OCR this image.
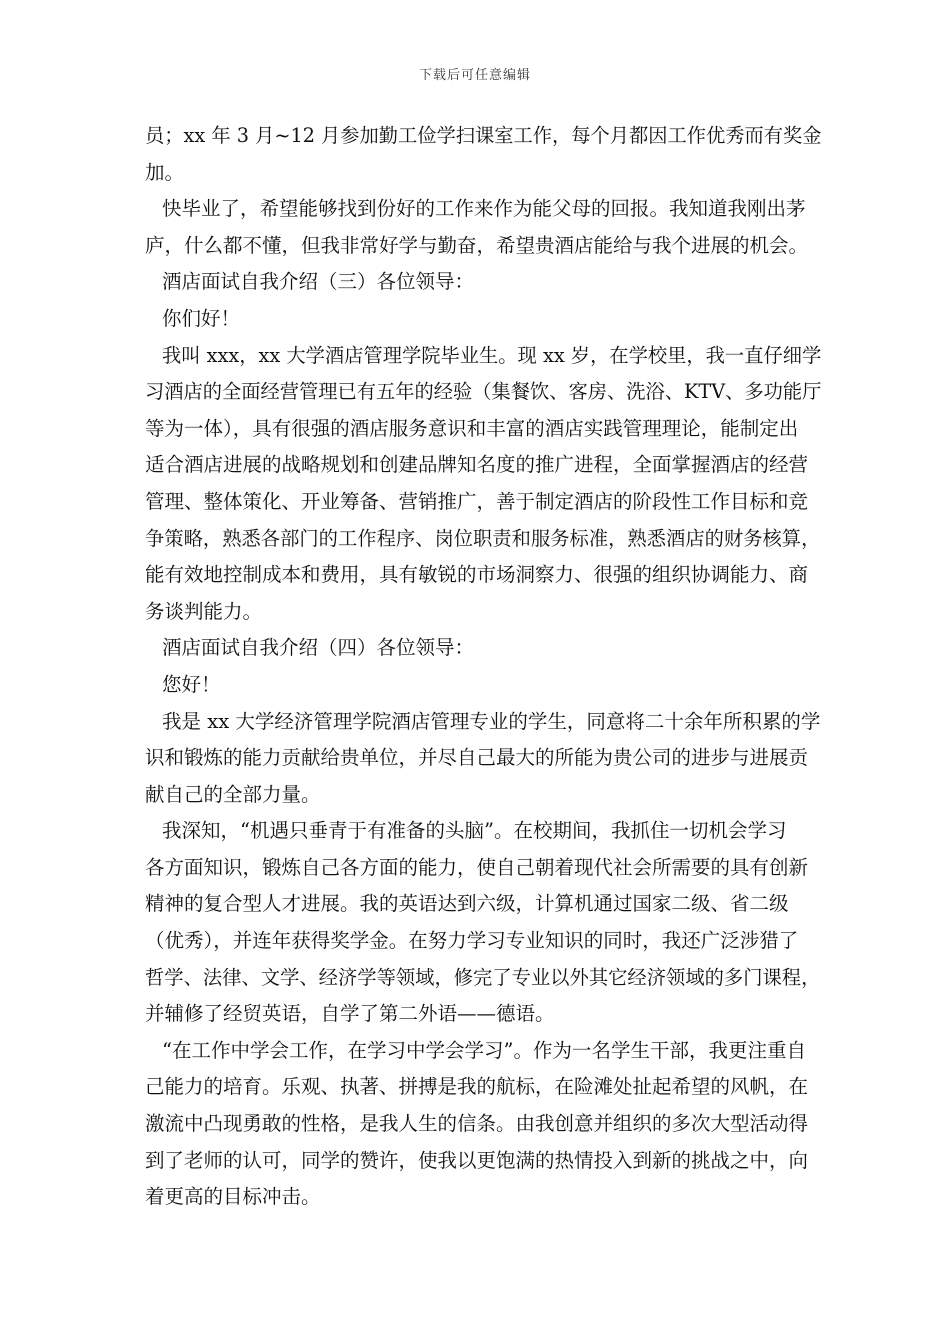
下载后可任意编辑
员；xx 年 3 月~12 月参加勤工俭学扫课室工作，每个月都因工作优秀而有奖金
加。
快毕业了，希望能够找到份好的工作来作为能父母的回报。我知道我刚出茅
庐，什么都不懂，但我非常好学与勤奋，希望贵酒店能给与我个进展的机会。
酒店面试自我介绍（三）各位领导：
你们好！
我叫 xxx，xx 大学酒店管理学院毕业生。现 xx 岁，在学校里，我一直仔细学
习酒店的全面经营管理已有五年的经验（集餐饮、客房、洗浴、KTV、多功能厅
等为一体），具有很强的酒店服务意识和丰富的酒店实践管理理论，能制定出
适合酒店进展的战略规划和创建品牌知名度的推广进程，全面掌握酒店的经营
管理、整体策化、开业筹备、营销推广，善于制定酒店的阶段性工作目标和竞
争策略，熟悉各部门的工作程序、岗位职责和服务标准，熟悉酒店的财务核算，
能有效地控制成本和费用，具有敏锐的市场洞察力、很强的组织协调能力、商
务谈判能力。
酒店面试自我介绍（四）各位领导：
您好！
我是 xx 大学经济管理学院酒店管理专业的学生，同意将二十余年所积累的学
识和锻炼的能力贡献给贵单位，并尽自己最大的所能为贵公司的进步与进展贡
献自己的全部力量。
我深知，“机遇只垂青于有准备的头脑”。在校期间，我抓住一切机会学习
各方面知识，锻炼自己各方面的能力，使自己朝着现代社会所需要的具有创新
精神的复合型人才进展。我的英语达到六级，计算机通过国家二级、省二级
（优秀），并连年获得奖学金。在努力学习专业知识的同时，我还广泛涉猎了
哲学、法律、文学、经济学等领域，修完了专业以外其它经济领域的多门课程，
并辅修了经贸英语，自学了第二外语——德语。
“在工作中学会工作，在学习中学会学习”。作为一名学生干部，我更注重自
己能力的培育。乐观、执著、拼搏是我的航标，在险滩处扯起希望的风帆，在
激流中凸现勇敢的性格，是我人生的信条。由我创意并组织的多次大型活动得
到了老师的认可，同学的赞许，使我以更饱满的热情投入到新的挑战之中，向
着更高的目标冲击。
